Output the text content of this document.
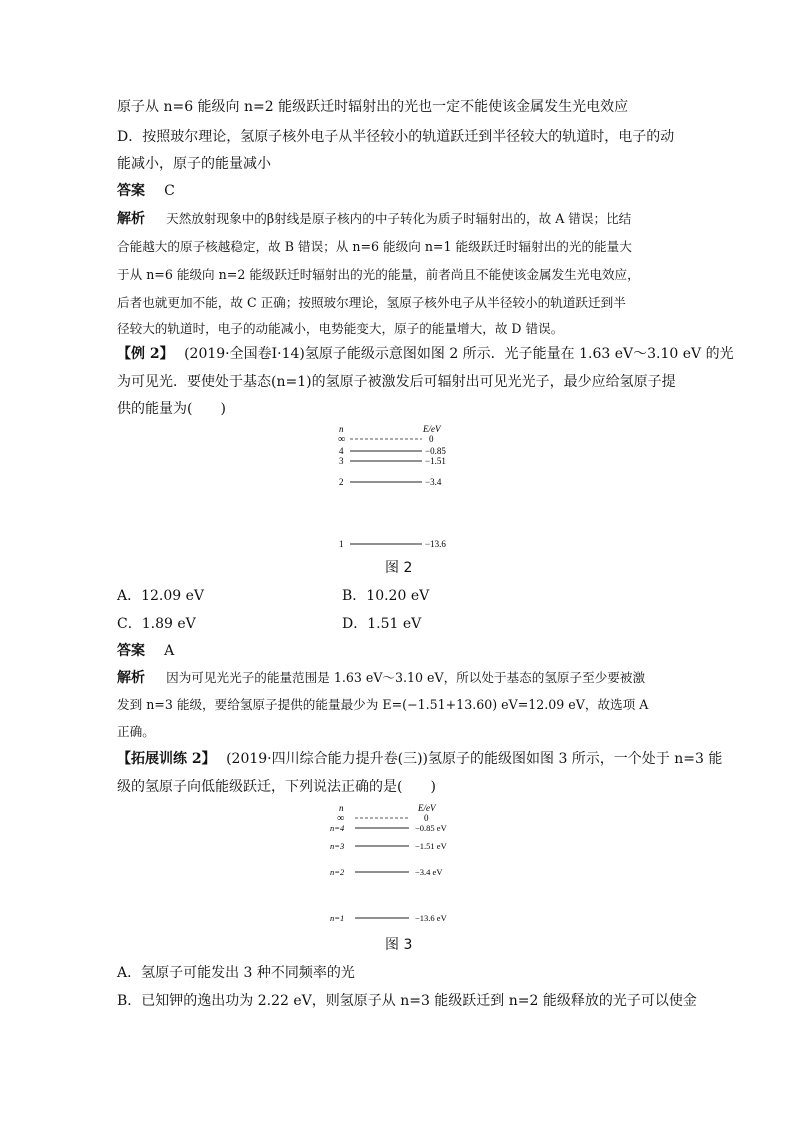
原子从 n=6 能级向 n=2 能级跃迁时辐射出的光也一定不能使该金属发生光电效应
D．按照玻尔理论，氢原子核外电子从半径较小的轨道跃迁到半径较大的轨道时，电子的动
能减小，原子的能量减小
答案 C
解析 天然放射现象中的β射线是原子核内的中子转化为质子时辐射出的，故 A 错误；比结
合能越大的原子核越稳定，故 B 错误；从 n=6 能级向 n=1 能级跃迁时辐射出的光的能量大
于从 n=6 能级向 n=2 能级跃迁时辐射出的光的能量，前者尚且不能使该金属发生光电效应，
后者也就更加不能，故 C 正确；按照玻尔理论，氢原子核外电子从半径较小的轨道跃迁到半
径较大的轨道时，电子的动能减小，电势能变大，原子的能量增大，故 D 错误。
【例 2】 (2019·全国卷Ⅰ·14)氢原子能级示意图如图 2 所示．光子能量在 1.63 eV～3.10 eV 的光
为可见光．要使处于基态(n=1)的氢原子被激发后可辐射出可见光光子，最少应给氢原子提
供的能量为(　　)
n	E/eV
∞	0
4	−0.85
3	−1.51
2	−3.4
1	−13.6
图 2
A．12.09 eV	B．10.20 eV
C．1.89 eV	D．1.51 eV
答案 A
解析 因为可见光光子的能量范围是 1.63 eV～3.10 eV，所以处于基态的氢原子至少要被激
发到 n=3 能级，要给氢原子提供的能量最少为 E=(−1.51+13.60) eV=12.09 eV，故选项 A
正确。
【拓展训练 2】 (2019·四川综合能力提升卷(三))氢原子的能级图如图 3 所示，一个处于 n=3 能
级的氢原子向低能级跃迁，下列说法正确的是(　　)
n	E/eV
∞	0
n=4	−0.85 eV
n=3	−1.51 eV
n=2	−3.4 eV
n=1	−13.6 eV
图 3
A．氢原子可能发出 3 种不同频率的光
B．已知钾的逸出功为 2.22 eV，则氢原子从 n=3 能级跃迁到 n=2 能级释放的光子可以使金
